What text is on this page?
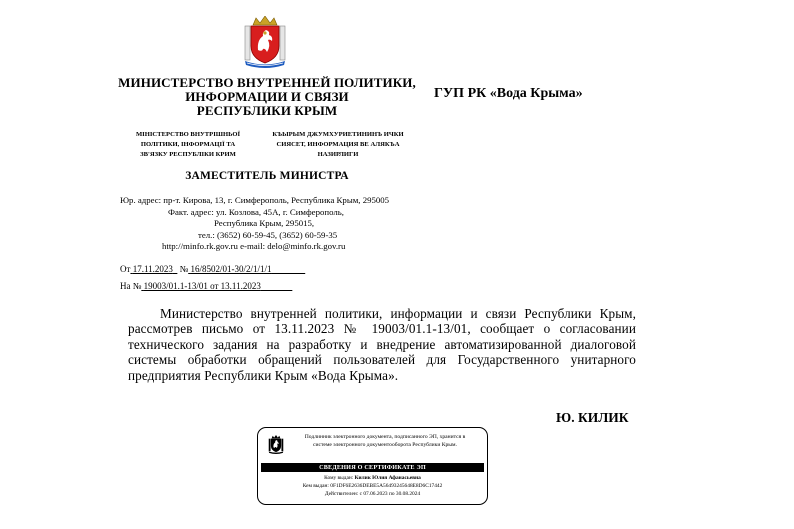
МИНИСТЕРСТВО ВНУТРЕННЕЙ ПОЛИТИКИ,
ИНФОРМАЦИИ И СВЯЗИ
РЕСПУБЛИКИ КРЫМ
ГУП РК «Вода Крыма»
МІНІСТЕРСТВО ВНУТРІШНЬОЇ
ПОЛІТИКИ, ІНФОРМАЦІЇ ТА
ЗВ'ЯЗКУ РЕСПУБЛІКИ КРИМ
КЪЫРЫМ ДЖУМХУРИЕТИНИНЪ ИЧКИ
СИЯСЕТ, ИНФОРМАЦИЯ ВЕ АЛЯКЪА
НАЗИРЛИГИ
ЗАМЕСТИТЕЛЬ МИНИСТРА
Юр. адрес: пр-т. Кирова, 13, г. Симферополь, Республика Крым, 295005
Факт. адрес: ул. Козлова, 45А, г. Симферополь,
Республика Крым, 295015,
тел.: (3652) 60-59-45, (3652) 60-59-35
http://minfo.rk.gov.ru e-mail: delo@minfo.rk.gov.ru
От 17.11.2023 № 16/8502/01-30/2/1/1/1
На № 19003/01.1-13/01 от 13.11.2023
Министерство внутренней политики, информации и связи Республики Крым, рассмотрев письмо от 13.11.2023 № 19003/01.1-13/01, сообщает о согласовании технического задания на разработку и внедрение автоматизированной диалоговой системы обработки обращений пользователей для Государственного унитарного предприятия Республики Крым «Вода Крыма».
Ю. КИЛИК
Подлинник электронного документа, подписанного ЭП, хранится в
системе электронного документооборота Республики Крым.
СВЕДЕНИЯ О СЕРТИФИКАТЕ ЭП
Кому выдан: Килик Юлия Афанасьевна
Кем выдан: 0F1DF6E2636DEBE5A56493245648E8D6C17442
Действителен: с 07.06.2023 по 30.08.2024
